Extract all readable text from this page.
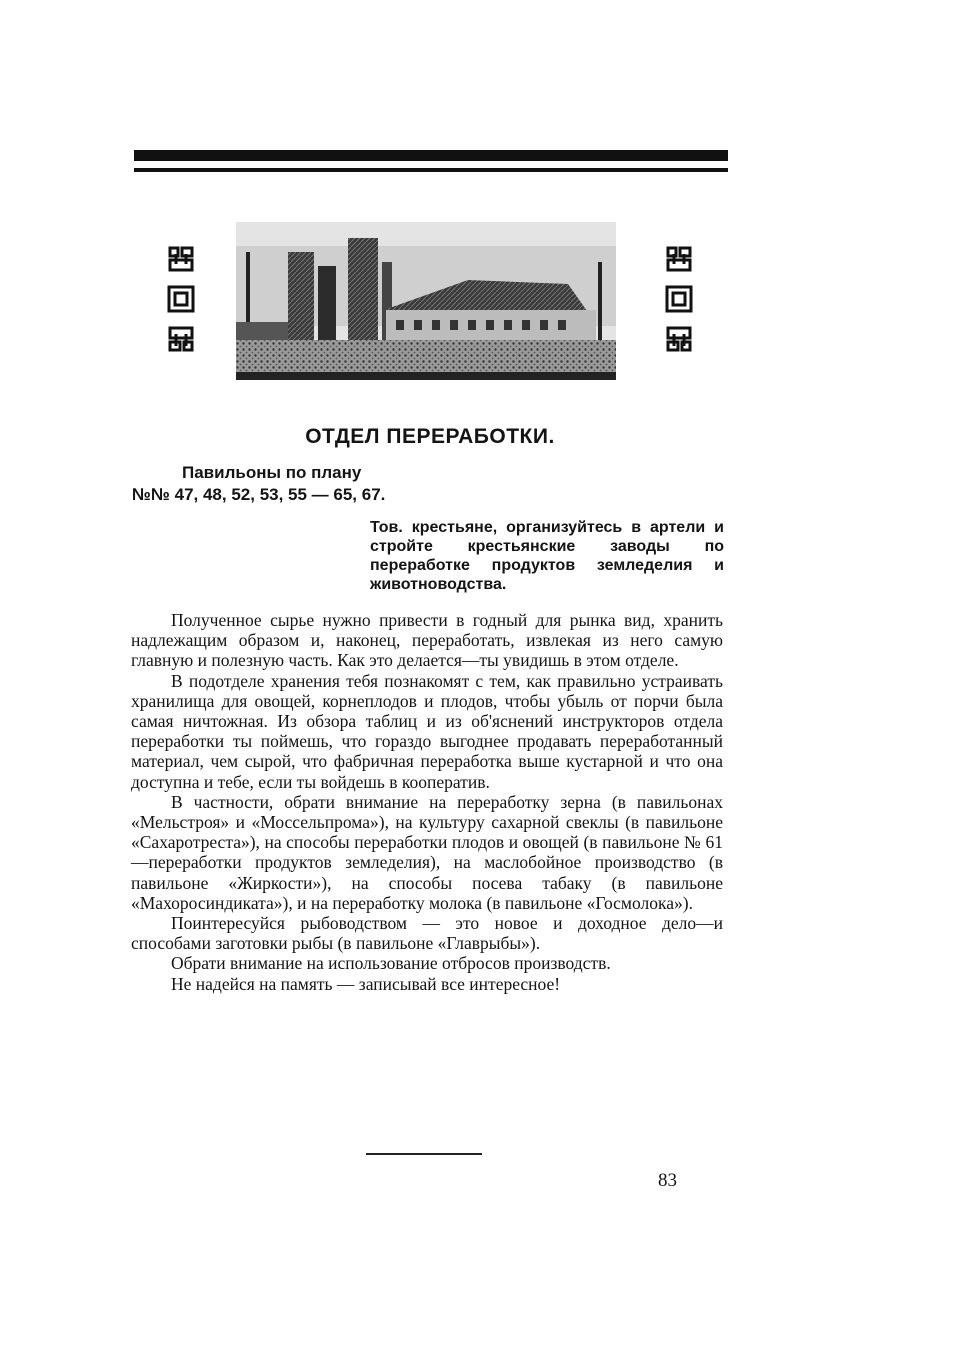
ОТДЕЛ ПЕРЕРАБОТКИ.
Павильоны по плану
№№ 47, 48, 52, 53, 55 — 65, 67.

Тов. крестьяне, организуйтесь в артели и стройте крестьянские заводы по переработке продуктов земледелия и животноводства.

Полученное сырье нужно привести в годный для рынка вид, хранить надлежащим образом и, наконец, переработать, извлекая из него самую главную и полезную часть. Как это делается—ты увидишь в этом отделе.

В подотделе хранения тебя познакомят с тем, как правильно устраивать хранилища для овощей, корнеплодов и плодов, чтобы убыль от порчи была самая ничтожная. Из обзора таблиц и из об'яснений инструкторов отдела переработки ты поймешь, что гораздо выгоднее продавать переработанный материал, чем сырой, что фабричная переработка выше кустарной и что она доступна и тебе, если ты войдешь в кооператив.

В частности, обрати внимание на переработку зерна (в павильонах «Мельстроя» и «Моссельпрома»), на культуру сахарной свеклы (в павильоне «Сахаротреста»), на способы переработки плодов и овощей (в павильоне № 61—переработки продуктов земледелия), на маслобойное производство (в павильоне «Жиркости»), на способы посева табаку (в павильоне «Махоросиндиката»), и на переработку молока (в павильоне «Госмолока»).

Поинтересуйся рыбоводством — это новое и доходное дело—и способами заготовки рыбы (в павильоне «Главрыбы»).

Обрати внимание на использование отбросов производств.

Не надейся на память — записывай все интересное!

83
